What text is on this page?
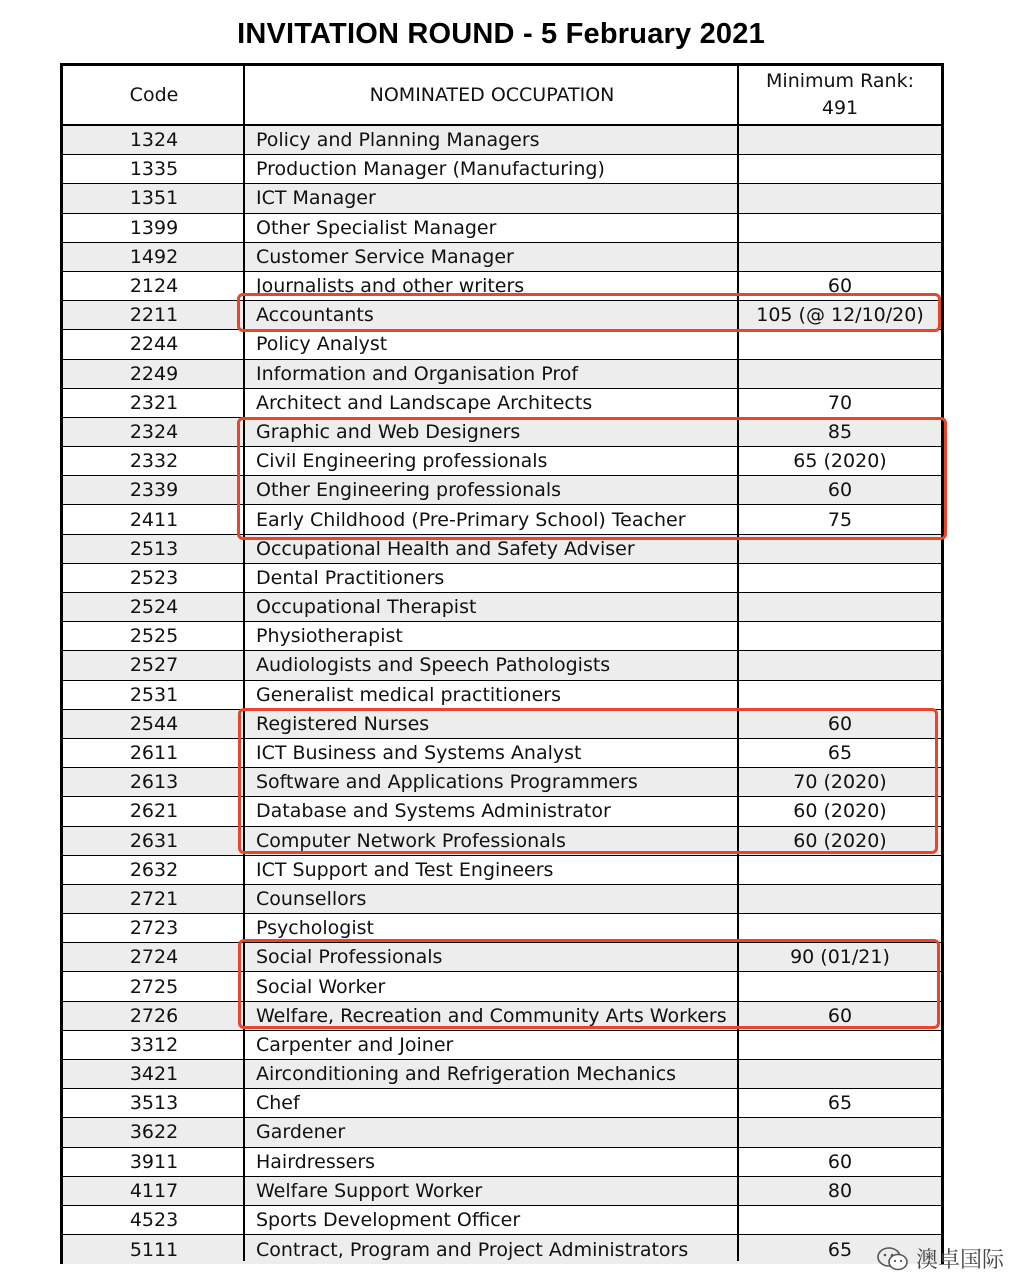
INVITATION ROUND - 5 February 2021
Code	NOMINATED OCCUPATION
Minimum Rank:
491
1324	Policy and Planning Managers
1335	Production Manager (Manufacturing)
1351	ICT Manager
1399	Other Specialist Manager
1492	Customer Service Manager
2124	Journalists and other writers	60
2211	Accountants	105 (@ 12/10/20)
2244	Policy Analyst
2249	Information and Organisation Prof
2321	Architect and Landscape Architects	70
2324	Graphic and Web Designers	85
2332	Civil Engineering professionals	65 (2020)
2339	Other Engineering professionals	60
2411	Early Childhood (Pre-Primary School) Teacher	75
2513	Occupational Health and Safety Adviser
2523	Dental Practitioners
2524	Occupational Therapist
2525	Physiotherapist
2527	Audiologists and Speech Pathologists
2531	Generalist medical practitioners
2544	Registered Nurses	60
2611	ICT Business and Systems Analyst	65
2613	Software and Applications Programmers	70 (2020)
2621	Database and Systems Administrator	60 (2020)
2631	Computer Network Professionals	60 (2020)
2632	ICT Support and Test Engineers
2721	Counsellors
2723	Psychologist
2724	Social Professionals	90 (01/21)
2725	Social Worker
2726	Welfare, Recreation and Community Arts Workers	60
3312	Carpenter and Joiner
3421	Airconditioning and Refrigeration Mechanics
3513	Chef	65
3622	Gardener
3911	Hairdressers	60
4117	Welfare Support Worker	80
4523	Sports Development Officer
5111	Contract, Program and Project Administrators	65	澳卓国际
